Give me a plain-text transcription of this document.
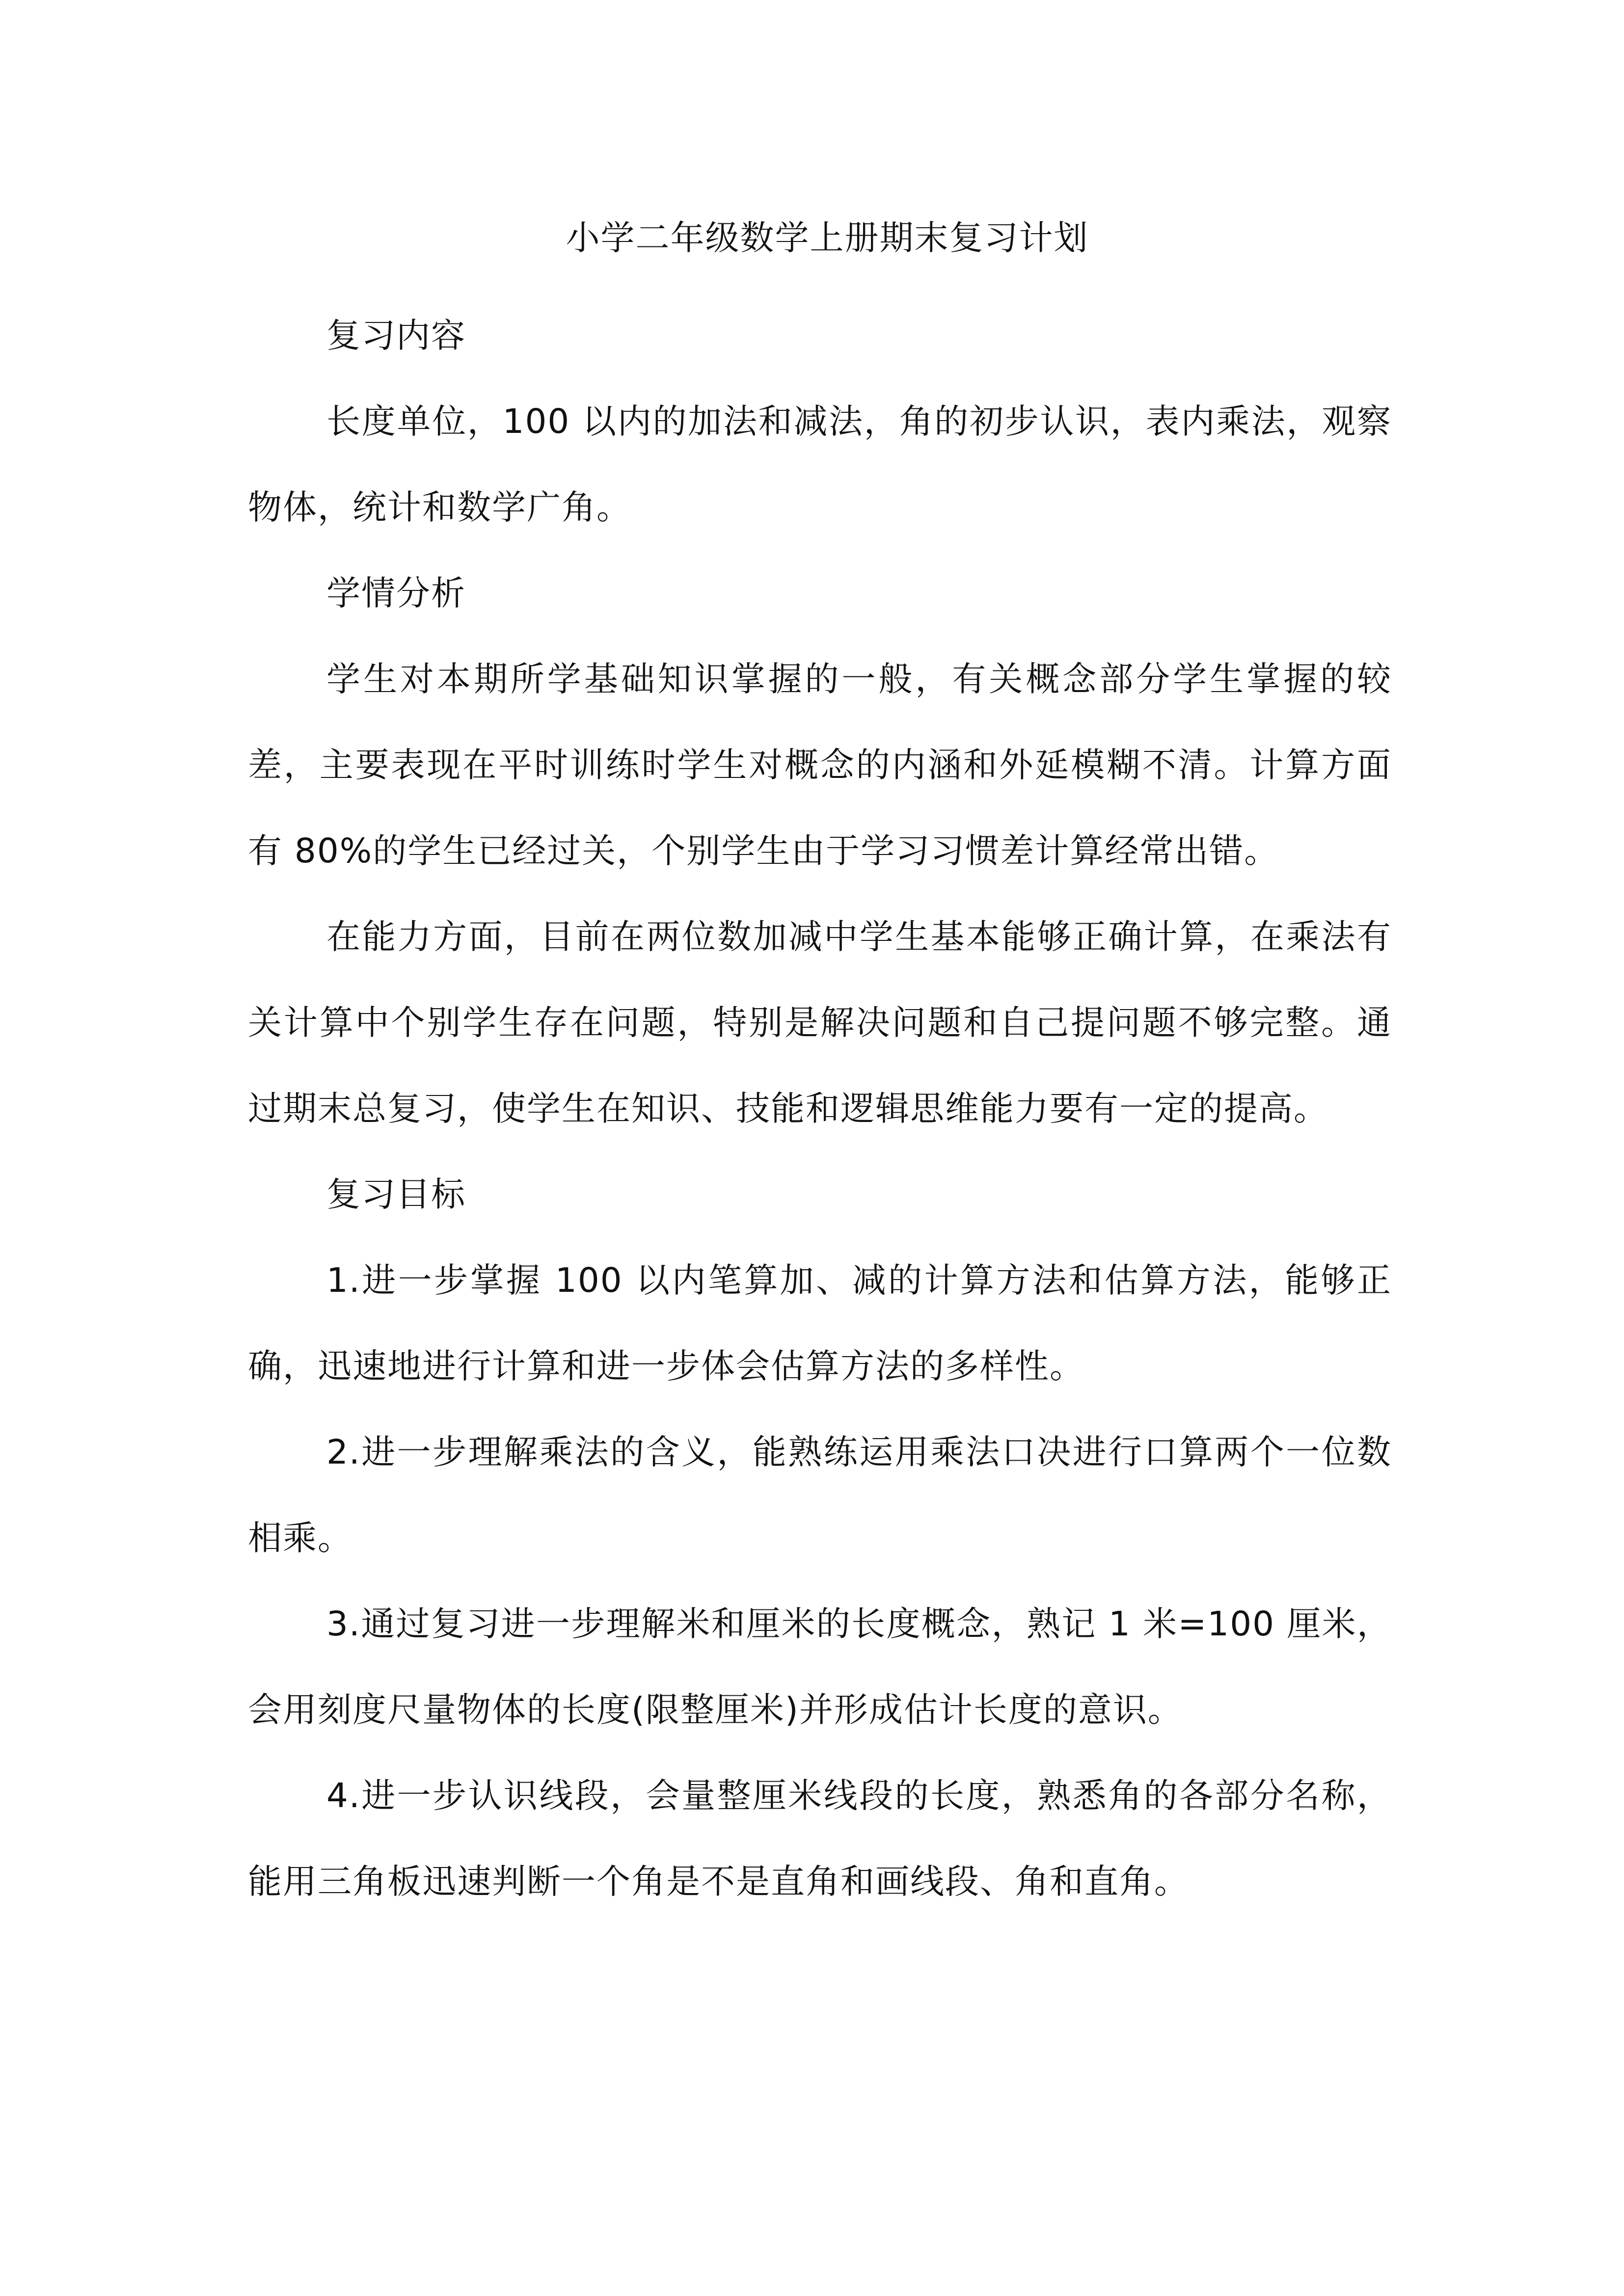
小学二年级数学上册期末复习计划
复习内容

长度单位，100 以内的加法和减法，角的初步认识，表内乘法，观察物体，统计和数学广角。

学情分析

学生对本期所学基础知识掌握的一般，有关概念部分学生掌握的较差，主要表现在平时训练时学生对概念的内涵和外延模糊不清。计算方面有 80%的学生已经过关，个别学生由于学习习惯差计算经常出错。

在能力方面，目前在两位数加减中学生基本能够正确计算，在乘法有关计算中个别学生存在问题，特别是解决问题和自己提问题不够完整。通过期末总复习，使学生在知识、技能和逻辑思维能力要有一定的提高。

复习目标

1.进一步掌握 100 以内笔算加、减的计算方法和估算方法，能够正确，迅速地进行计算和进一步体会估算方法的多样性。

2.进一步理解乘法的含义，能熟练运用乘法口决进行口算两个一位数相乘。

3.通过复习进一步理解米和厘米的长度概念，熟记 1 米=100 厘米，会用刻度尺量物体的长度(限整厘米)并形成估计长度的意识。

4.进一步认识线段，会量整厘米线段的长度，熟悉角的各部分名称，能用三角板迅速判断一个角是不是直角和画线段、角和直角。
